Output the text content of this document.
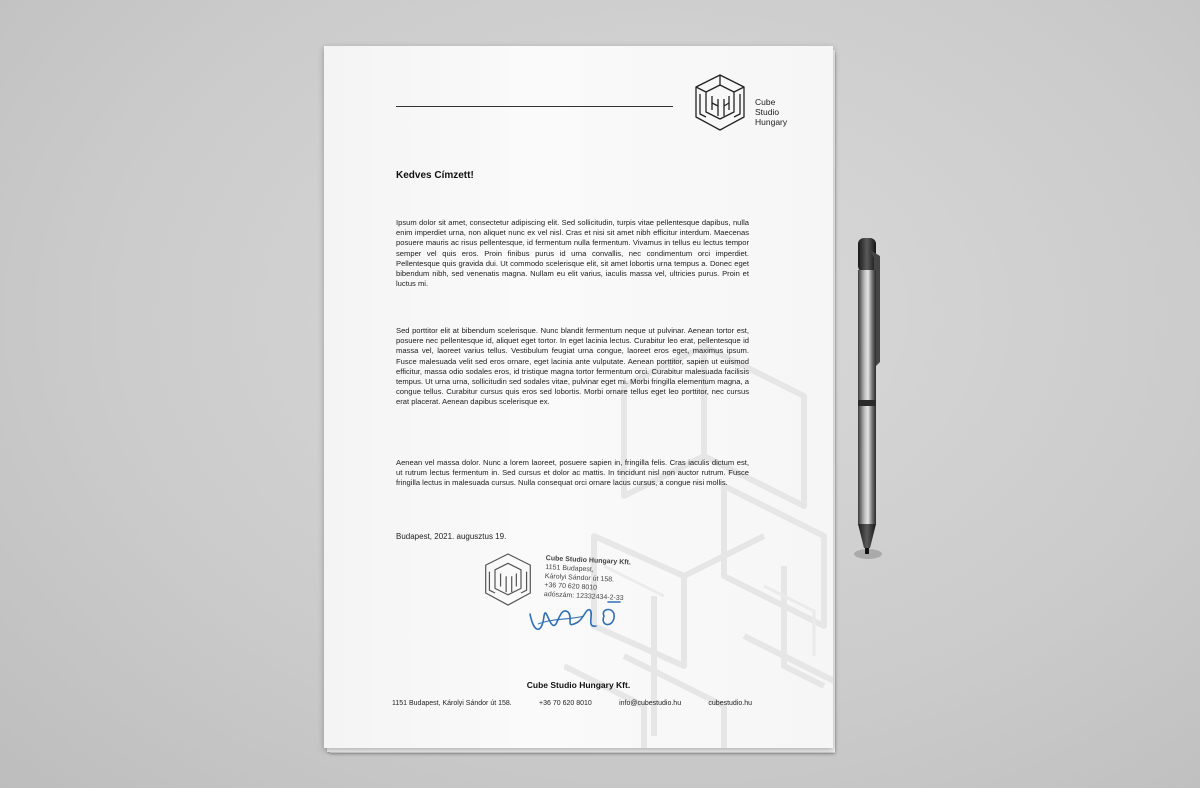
Cube
Studio
Hungary
Kedves Címzett!

Ipsum dolor sit amet, consectetur adipiscing elit. Sed sollicitudin, turpis vitae pellentesque dapibus, nulla enim imperdiet urna, non aliquet nunc ex vel nisl. Cras et nisi sit amet nibh efficitur interdum. Maecenas posuere mauris ac risus pellentesque, id fermentum nulla fermentum. Vivamus in tellus eu lectus tempor semper vel quis eros. Proin finibus purus id urna convallis, nec condimentum orci imperdiet. Pellentesque quis gravida dui. Ut commodo scelerisque elit, sit amet lobortis urna tempus a. Donec eget bibendum nibh, sed venenatis magna. Nullam eu elit varius, iaculis massa vel, ultricies purus. Proin et luctus mi.

Sed porttitor elit at bibendum scelerisque. Nunc blandit fermentum neque ut pulvinar. Aenean tortor est, posuere nec pellentesque id, aliquet eget tortor. In eget lacinia lectus. Curabitur leo erat, pellentesque id massa vel, laoreet varius tellus. Vestibulum feugiat urna congue, laoreet eros eget, maximus ipsum. Fusce malesuada velit sed eros ornare, eget lacinia ante vulputate. Aenean porttitor, sapien ut euismod efficitur, massa odio sodales eros, id tristique magna tortor fermentum orci. Curabitur malesuada facilisis tempus. Ut urna urna, sollicitudin sed sodales vitae, pulvinar eget mi. Morbi fringilla elementum magna, a congue tellus. Curabitur cursus quis eros sed lobortis. Morbi ornare tellus eget leo porttitor, nec cursus erat placerat. Aenean dapibus scelerisque ex.

Aenean vel massa dolor. Nunc a lorem laoreet, posuere sapien in, fringilla felis. Cras iaculis dictum est, ut rutrum lectus fermentum in. Sed cursus et dolor ac mattis. In tincidunt nisl non auctor rutrum. Fusce fringilla lectus in malesuada cursus. Nulla consequat orci ornare lacus cursus, a congue nisi mollis.

Budapest, 2021. augusztus 19.
Cube Studio Hungary Kft.
1151 Budapest,
Károlyi Sándor út 158.
+36 70 620 8010
adószám: 12332434-2-33
Cube Studio Hungary Kft.
1151 Budapest, Károlyi Sándor út 158.	+36 70 620 8010	info@cubestudio.hu	cubestudio.hu
